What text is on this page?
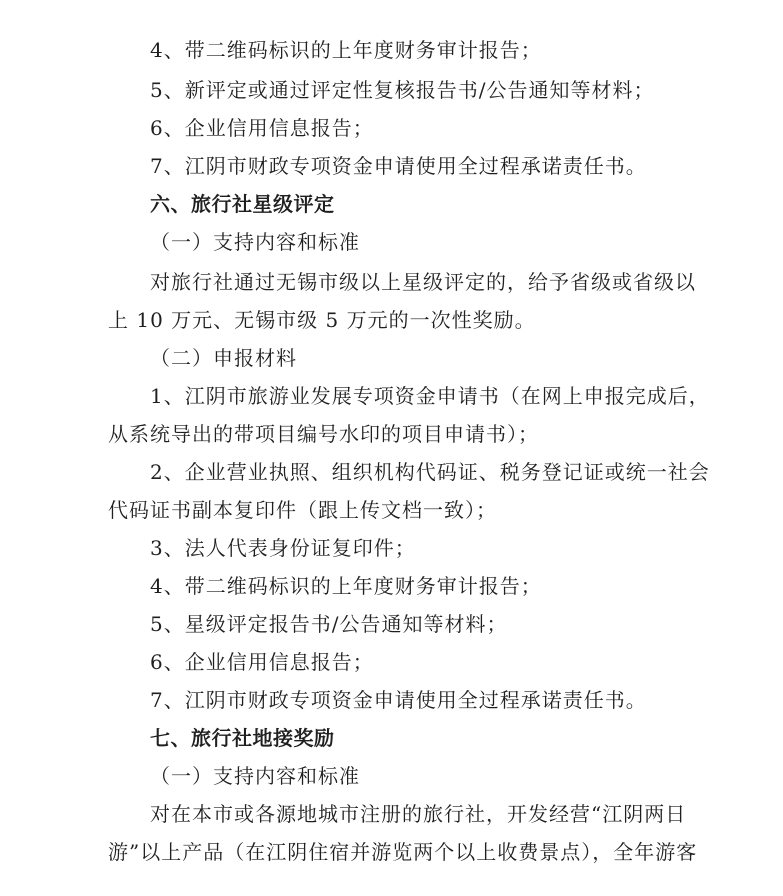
4、带二维码标识的上年度财务审计报告；
5、新评定或通过评定性复核报告书/公告通知等材料；
6、企业信用信息报告；
7、江阴市财政专项资金申请使用全过程承诺责任书。
六、旅行社星级评定
（一）支持内容和标准
对旅行社通过无锡市级以上星级评定的，给予省级或省级以
上 10 万元、无锡市级 5 万元的一次性奖励。
（二）申报材料
1、江阴市旅游业发展专项资金申请书（在网上申报完成后，
从系统导出的带项目编号水印的项目申请书）；
2、企业营业执照、组织机构代码证、税务登记证或统一社会
代码证书副本复印件（跟上传文档一致）；
3、法人代表身份证复印件；
4、带二维码标识的上年度财务审计报告；
5、星级评定报告书/公告通知等材料；
6、企业信用信息报告；
7、江阴市财政专项资金申请使用全过程承诺责任书。
七、旅行社地接奖励
（一）支持内容和标准
对在本市或各源地城市注册的旅行社，开发经营“江阴两日
游”以上产品（在江阴住宿并游览两个以上收费景点），全年游客
